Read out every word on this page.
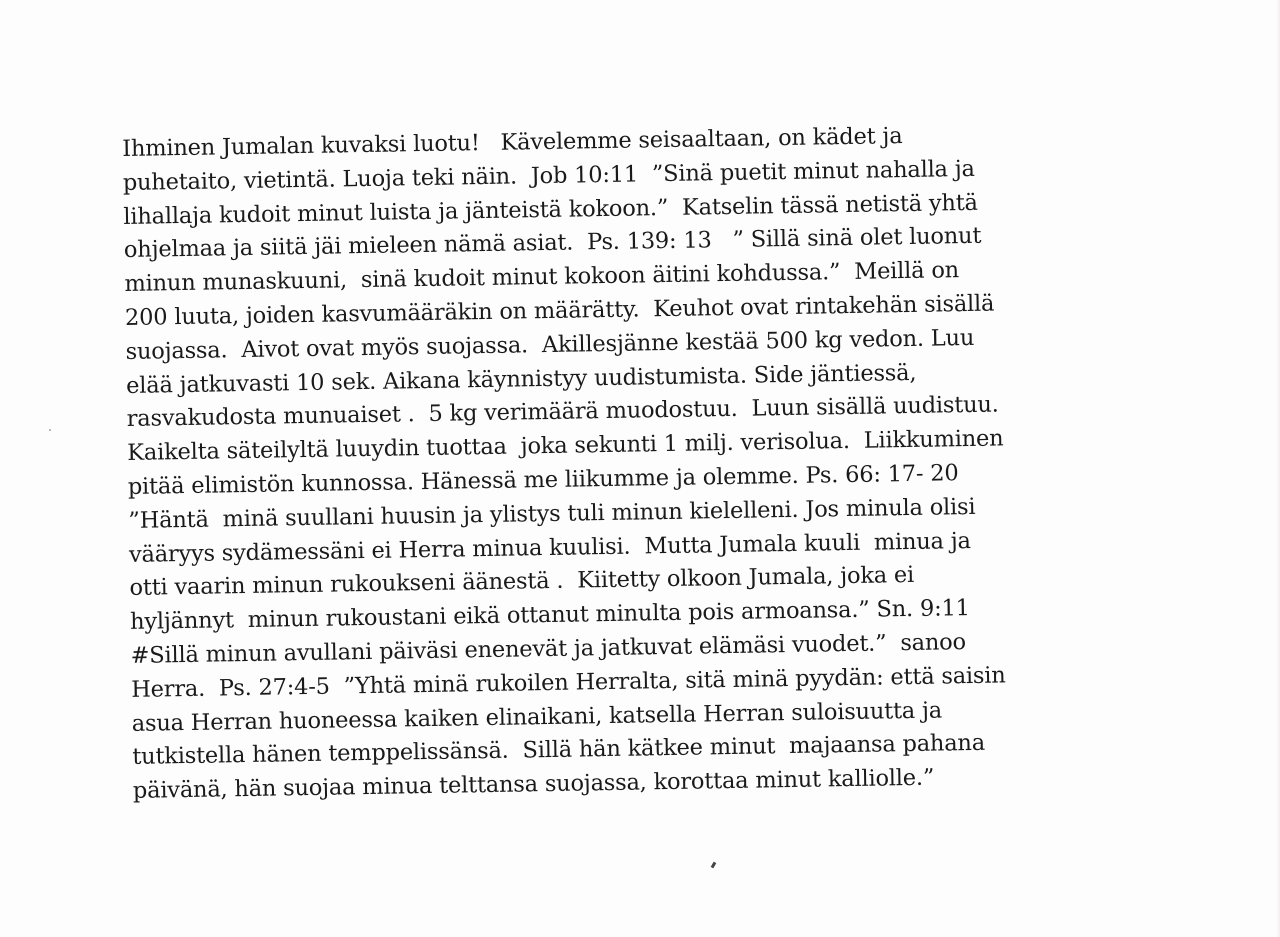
Ihminen Jumalan kuvaksi luotu!   Kävelemme seisaaltaan, on kädet ja
puhetaito, vietintä. Luoja teki näin.  Job 10:11  ”Sinä puetit minut nahalla ja
lihallaja kudoit minut luista ja jänteistä kokoon.”  Katselin tässä netistä yhtä
ohjelmaa ja siitä jäi mieleen nämä asiat.  Ps. 139: 13   ” Sillä sinä olet luonut
minun munaskuuni,  sinä kudoit minut kokoon äitini kohdussa.”  Meillä on
200 luuta, joiden kasvumääräkin on määrätty.  Keuhot ovat rintakehän sisällä
suojassa.  Aivot ovat myös suojassa.  Akillesjänne kestää 500 kg vedon. Luu
elää jatkuvasti 10 sek. Aikana käynnistyy uudistumista. Side jäntiessä,
rasvakudosta munuaiset .  5 kg verimäärä muodostuu.  Luun sisällä uudistuu.
Kaikelta säteilyltä luuydin tuottaa  joka sekunti 1 milj. verisolua.  Liikkuminen
pitää elimistön kunnossa. Hänessä me liikumme ja olemme. Ps. 66: 17- 20
”Häntä  minä suullani huusin ja ylistys tuli minun kielelleni. Jos minula olisi
vääryys sydämessäni ei Herra minua kuulisi.  Mutta Jumala kuuli  minua ja
otti vaarin minun rukoukseni äänestä .  Kiitetty olkoon Jumala, joka ei
hyljännyt  minun rukoustani eikä ottanut minulta pois armoansa.” Sn. 9:11
#Sillä minun avullani päiväsi enenevät ja jatkuvat elämäsi vuodet.”  sanoo
Herra.  Ps. 27:4-5  ”Yhtä minä rukoilen Herralta, sitä minä pyydän: että saisin
asua Herran huoneessa kaiken elinaikani, katsella Herran suloisuutta ja
tutkistella hänen temppelissänsä.  Sillä hän kätkee minut  majaansa pahana
päivänä, hän suojaa minua telttansa suojassa, korottaa minut kalliolle.”
